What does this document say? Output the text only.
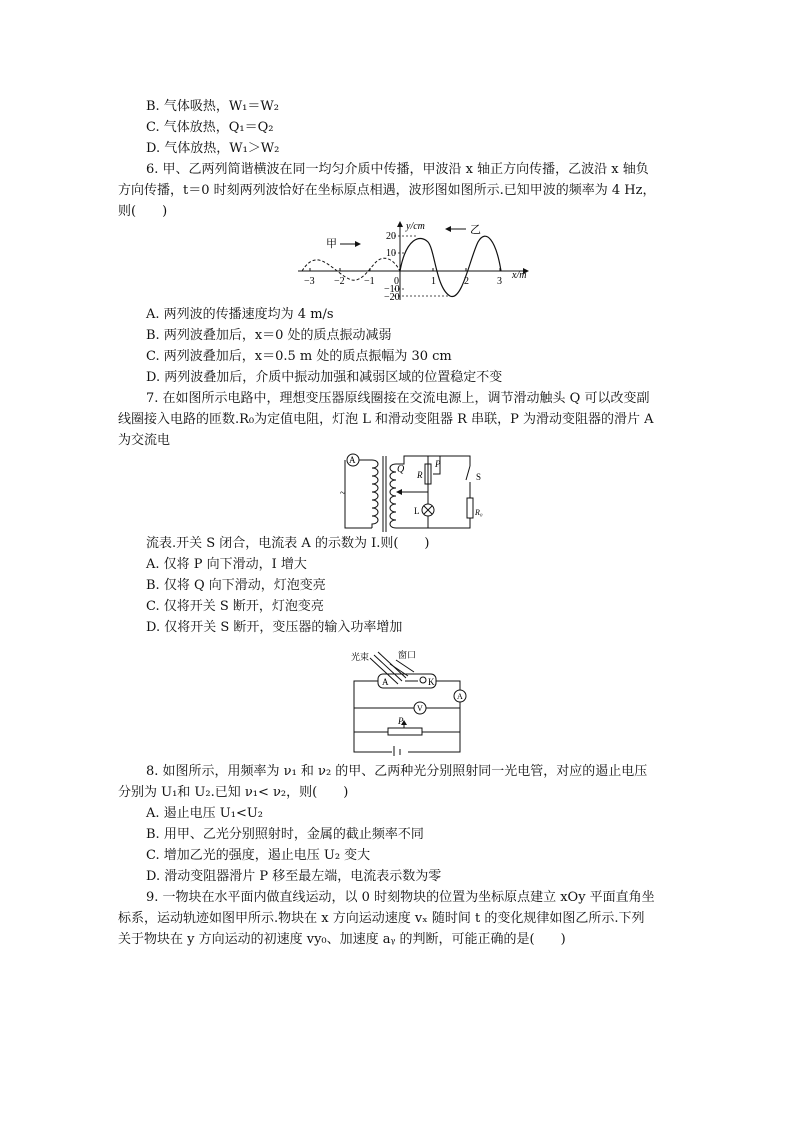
B. 气体吸热，W₁＝W₂
C. 气体放热，Q₁＝Q₂
D. 气体放热，W₁＞W₂
6. 甲、乙两列简谐横波在同一均匀介质中传播，甲波沿 x 轴正方向传播，乙波沿 x 轴负
方向传播，t＝0 时刻两列波恰好在坐标原点相遇，波形图如图所示.已知甲波的频率为 4 Hz，
则(　　)
−3 −2 −1 0	1	2	3
20
10
−10
−20
y/cm
x/m
甲
乙
A. 两列波的传播速度均为 4 m/s
B. 两列波叠加后，x＝0 处的质点振动减弱
C. 两列波叠加后，x＝0.5 m 处的质点振幅为 30 cm
D. 两列波叠加后，介质中振动加强和减弱区域的位置稳定不变
7. 在如图所示电路中，理想变压器原线圈接在交流电源上，调节滑动触头 Q 可以改变副
线圈接入电路的匝数.R₀为定值电阻，灯泡 L 和滑动变阻器 R 串联，P 为滑动变阻器的滑片 A
为交流电
A
~
Q R
P
S
L	R₀
流表.开关 S 闭合，电流表 A 的示数为 I.则(　　)
A. 仅将 P 向下滑动，I 增大
B. 仅将 Q 向下滑动，灯泡变亮
C. 仅将开关 S 断开，灯泡变亮
D. 仅将开关 S 断开，变压器的输入功率增加
窗口
光束
A	K
A
V
P
8. 如图所示，用频率为 ν₁ 和 ν₂ 的甲、乙两种光分别照射同一光电管，对应的遏止电压
分别为 U₁和 U₂.已知 ν₁< ν₂，则(　　)
A. 遏止电压 U₁<U₂
B. 用甲、乙光分别照射时，金属的截止频率不同
C. 增加乙光的强度，遏止电压 U₂ 变大
D. 滑动变阻器滑片 P 移至最左端，电流表示数为零
9. 一物块在水平面内做直线运动，以 0 时刻物块的位置为坐标原点建立 xOy 平面直角坐
标系，运动轨迹如图甲所示.物块在 x 方向运动速度 vₓ 随时间 t 的变化规律如图乙所示.下列
关于物块在 y 方向运动的初速度 vy₀、加速度 aᵧ 的判断，可能正确的是(　　)
